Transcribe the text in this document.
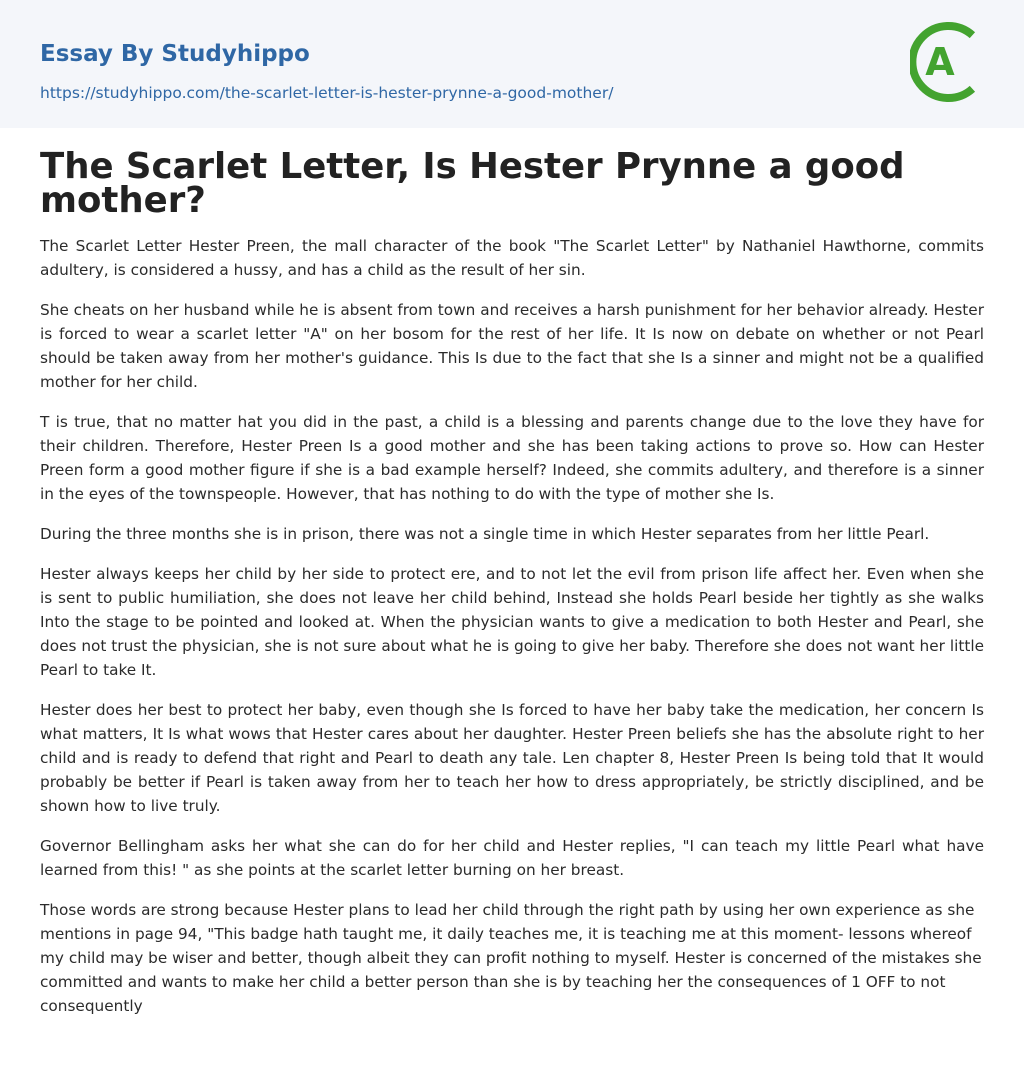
Essay By Studyhippo
https://studyhippo.com/the-scarlet-letter-is-hester-prynne-a-good-mother/
A
The Scarlet Letter, Is Hester Prynne a good mother?

The Scarlet Letter Hester Preen, the mall character of the book "The Scarlet Letter" by Nathaniel Hawthorne, commits adultery, is considered a hussy, and has a child as the result of her sin.

She cheats on her husband while he is absent from town and receives a harsh punishment for her behavior already. Hester is forced to wear a scarlet letter "A" on her bosom for the rest of her life. It Is now on debate on whether or not Pearl should be taken away from her mother's guidance. This Is due to the fact that she Is a sinner and might not be a qualified mother for her child.

T is true, that no matter hat you did in the past, a child is a blessing and parents change due to the love they have for their children. Therefore, Hester Preen Is a good mother and she has been taking actions to prove so. How can Hester Preen form a good mother figure if she is a bad example herself? Indeed, she commits adultery, and therefore is a sinner in the eyes of the townspeople. However, that has nothing to do with the type of mother she Is.

During the three months she is in prison, there was not a single time in which Hester separates from her little Pearl.

Hester always keeps her child by her side to protect ere, and to not let the evil from prison life affect her. Even when she is sent to public humiliation, she does not leave her child behind, Instead she holds Pearl beside her tightly as she walks Into the stage to be pointed and looked at. When the physician wants to give a medication to both Hester and Pearl, she does not trust the physician, she is not sure about what he is going to give her baby. Therefore she does not want her little Pearl to take It.

Hester does her best to protect her baby, even though she Is forced to have her baby take the medication, her concern Is what matters, It Is what wows that Hester cares about her daughter. Hester Preen beliefs she has the absolute right to her child and is ready to defend that right and Pearl to death any tale. Len chapter 8, Hester Preen Is being told that It would probably be better if Pearl is taken away from her to teach her how to dress appropriately, be strictly disciplined, and be shown how to live truly.

Governor Bellingham asks her what she can do for her child and Hester replies, "I can teach my little Pearl what have learned from this! " as she points at the scarlet letter burning on her breast.

Those words are strong because Hester plans to lead her child through the right path by using her own experience as she mentions in page 94, "This badge hath taught me, it daily teaches me, it is teaching me at this moment- lessons whereof my child may be wiser and better, though albeit they can profit nothing to myself. Hester is concerned of the mistakes she committed and wants to make her child a better person than she is by teaching her the consequences of 1 OFF to not consequently
